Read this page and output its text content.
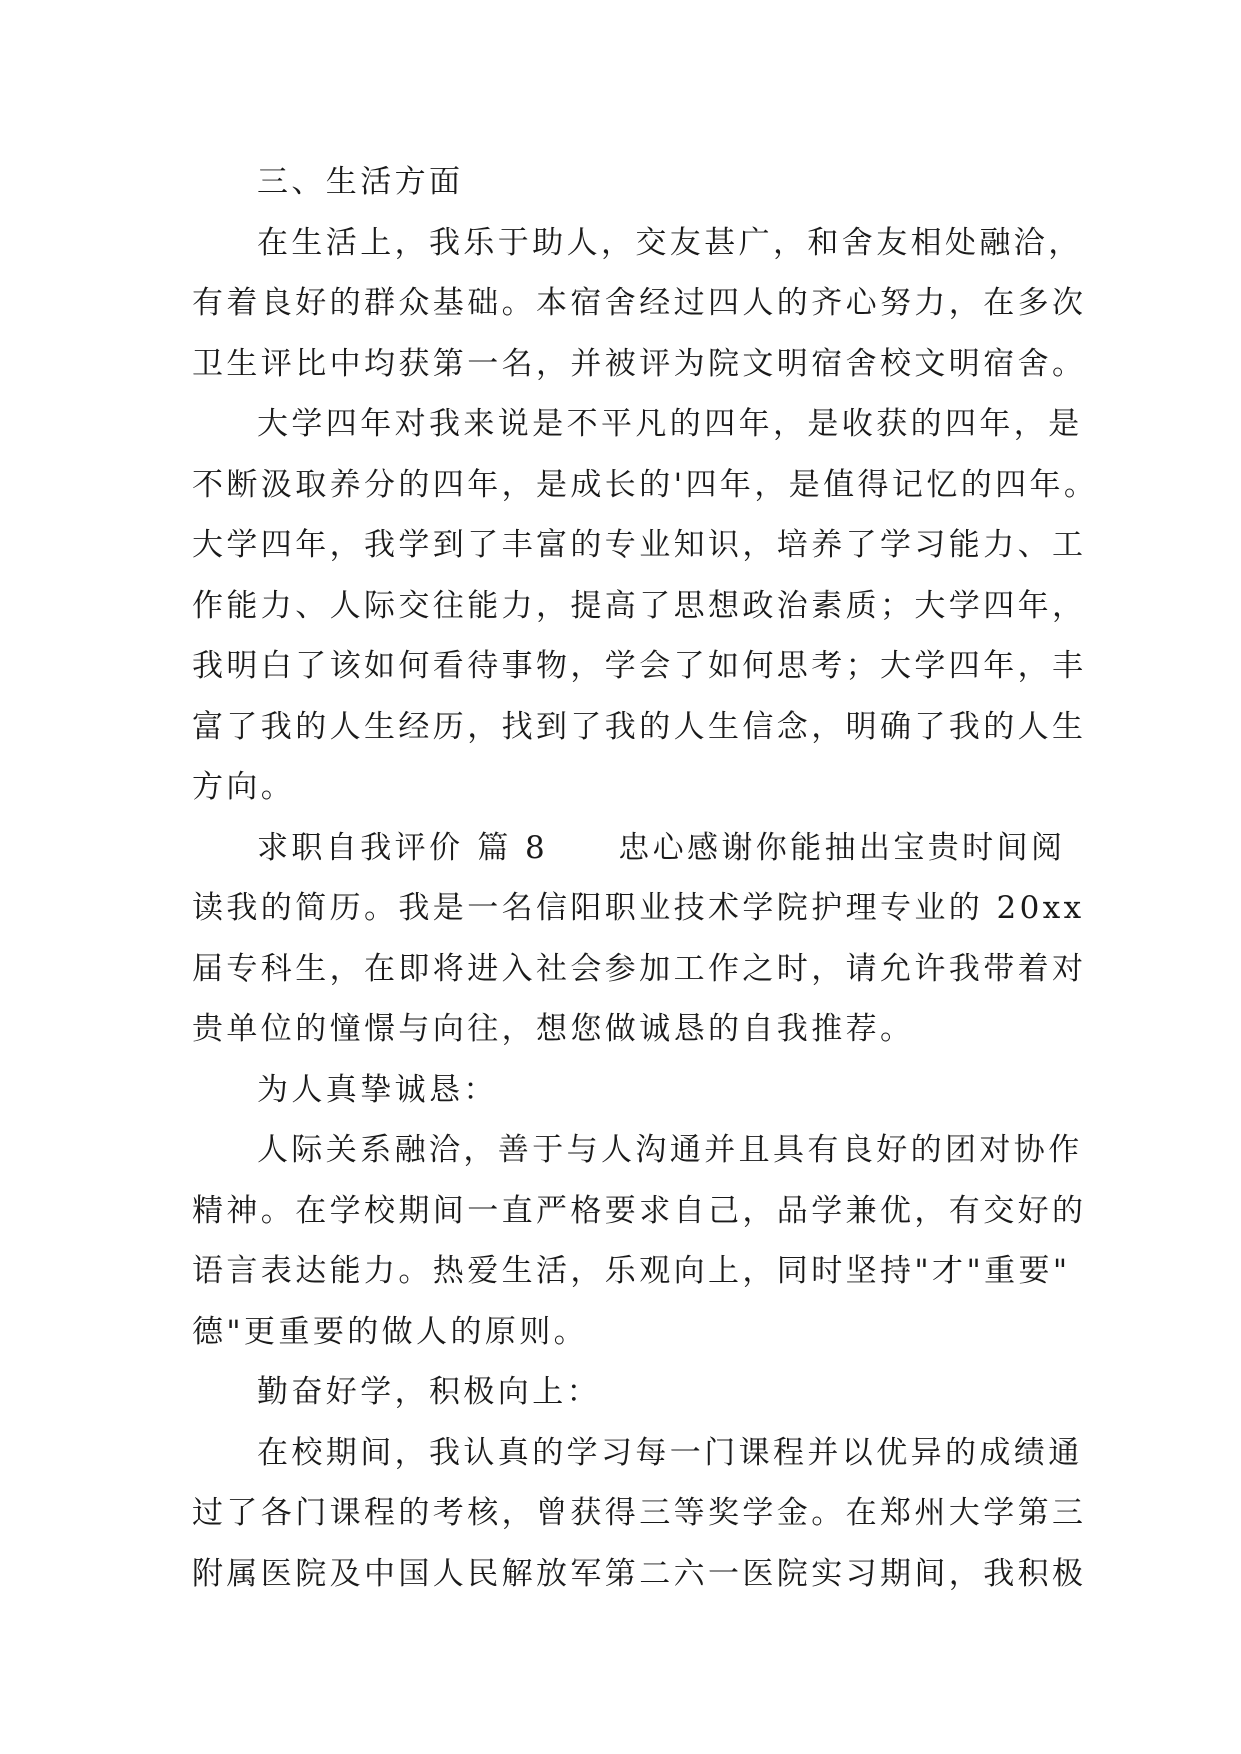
三、生活方面
在生活上，我乐于助人，交友甚广，和舍友相处融洽，
有着良好的群众基础。本宿舍经过四人的齐心努力，在多次
卫生评比中均获第一名，并被评为院文明宿舍校文明宿舍。
大学四年对我来说是不平凡的四年，是收获的四年，是
不断汲取养分的四年，是成长的'四年，是值得记忆的四年。
大学四年，我学到了丰富的专业知识，培养了学习能力、工
作能力、人际交往能力，提高了思想政治素质；大学四年，
我明白了该如何看待事物，学会了如何思考；大学四年，丰
富了我的人生经历，找到了我的人生信念，明确了我的人生
方向。
求职自我评价 篇 8 忠心感谢你能抽出宝贵时间阅
读我的简历。我是一名信阳职业技术学院护理专业的 20xx
届专科生，在即将进入社会参加工作之时，请允许我带着对
贵单位的憧憬与向往，想您做诚恳的自我推荐。
为人真挚诚恳：
人际关系融洽，善于与人沟通并且具有良好的团对协作
精神。在学校期间一直严格要求自己，品学兼优，有交好的
语言表达能力。热爱生活，乐观向上，同时坚持"才"重要"
德"更重要的做人的原则。
勤奋好学，积极向上：
在校期间，我认真的学习每一门课程并以优异的成绩通
过了各门课程的考核，曾获得三等奖学金。在郑州大学第三
附属医院及中国人民解放军第二六一医院实习期间，我积极
